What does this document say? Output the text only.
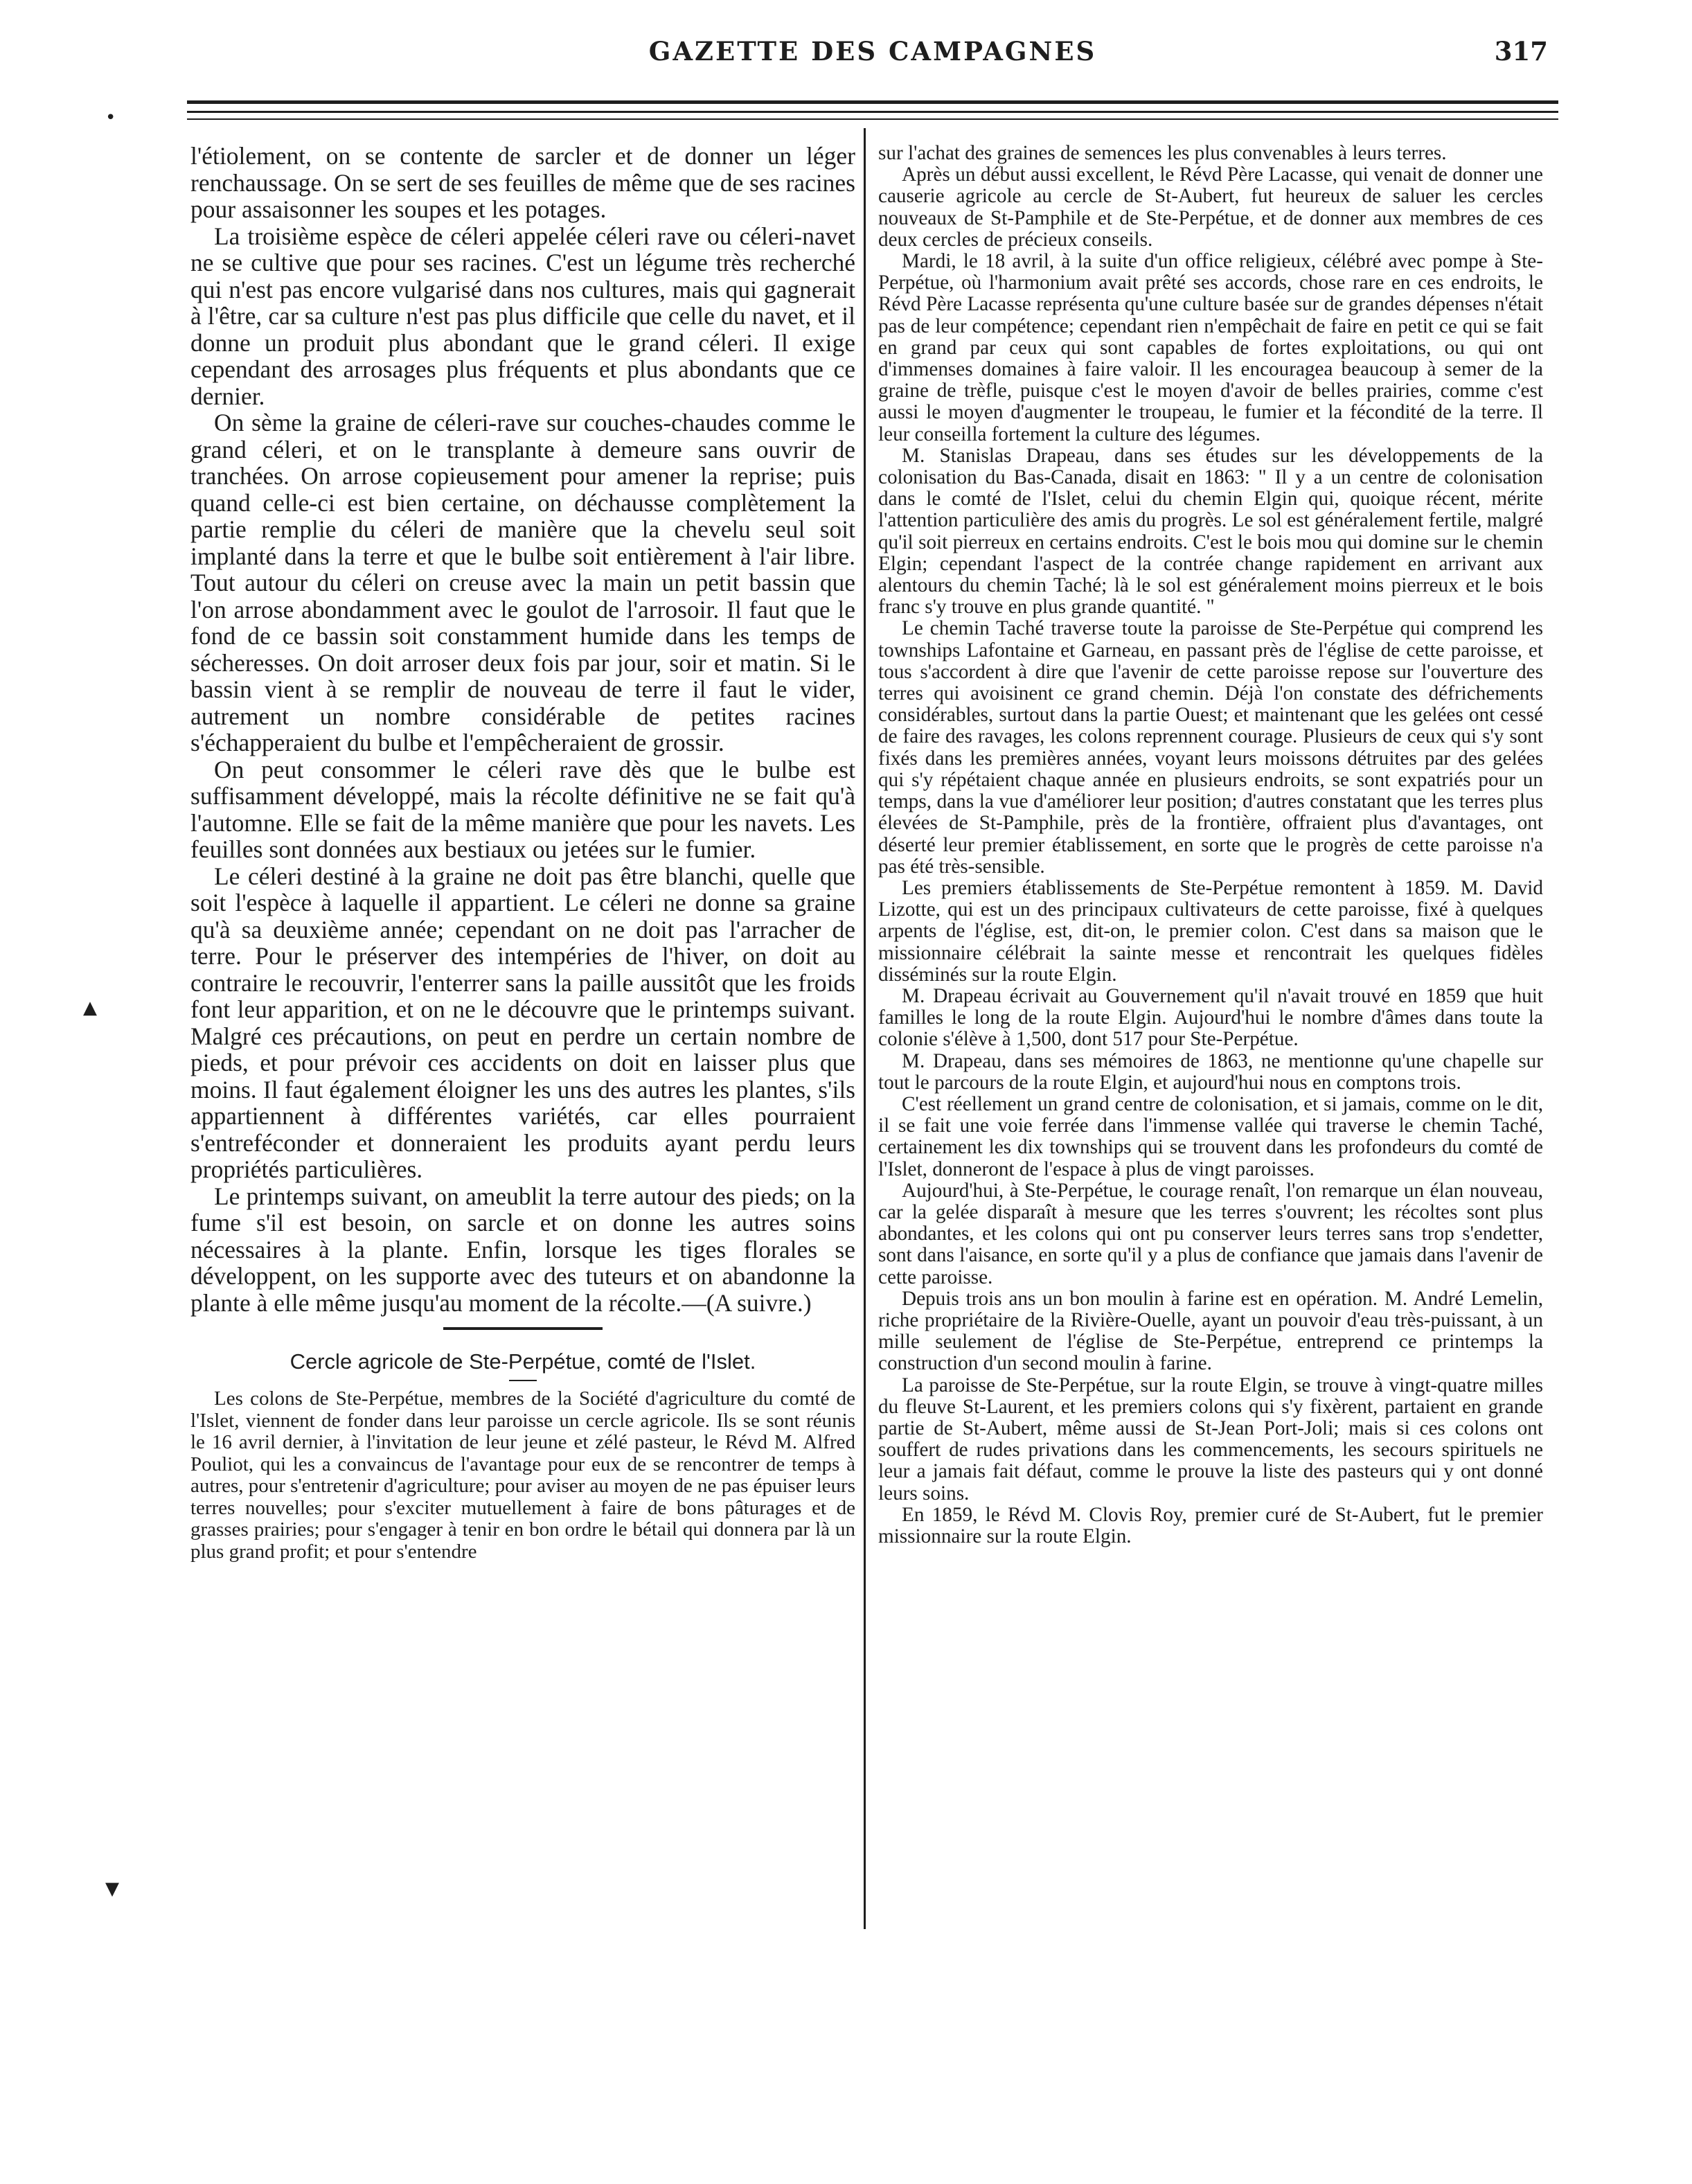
GAZETTE DES CAMPAGNES	317
•
▲
▼

l'étiolement, on se contente de sarcler et de donner un léger renchaussage. On se sert de ses feuilles de même que de ses racines pour assaisonner les soupes et les potages.

La troisième espèce de céleri appelée céleri rave ou céleri-navet ne se cultive que pour ses racines. C'est un légume très recherché qui n'est pas encore vulgarisé dans nos cultures, mais qui gagnerait à l'être, car sa culture n'est pas plus difficile que celle du navet, et il donne un produit plus abondant que le grand céleri. Il exige cependant des arrosages plus fréquents et plus abondants que ce dernier.

On sème la graine de céleri-rave sur couches-chaudes comme le grand céleri, et on le transplante à demeure sans ouvrir de tranchées. On arrose copieusement pour amener la reprise; puis quand celle-ci est bien certaine, on déchausse complètement la partie remplie du céleri de manière que la chevelu seul soit implanté dans la terre et que le bulbe soit entièrement à l'air libre. Tout autour du céleri on creuse avec la main un petit bassin que l'on arrose abondamment avec le goulot de l'arrosoir. Il faut que le fond de ce bassin soit constamment humide dans les temps de sécheresses. On doit arroser deux fois par jour, soir et matin. Si le bassin vient à se remplir de nouveau de terre il faut le vider, autrement un nombre considérable de petites racines s'échapperaient du bulbe et l'empêcheraient de grossir.

On peut consommer le céleri rave dès que le bulbe est suffisamment développé, mais la récolte définitive ne se fait qu'à l'automne. Elle se fait de la même manière que pour les navets. Les feuilles sont données aux bestiaux ou jetées sur le fumier.

Le céleri destiné à la graine ne doit pas être blanchi, quelle que soit l'espèce à laquelle il appartient. Le céleri ne donne sa graine qu'à sa deuxième année; cependant on ne doit pas l'arracher de terre. Pour le préserver des intempéries de l'hiver, on doit au contraire le recouvrir, l'enterrer sans la paille aussitôt que les froids font leur apparition, et on ne le découvre que le printemps suivant. Malgré ces précautions, on peut en perdre un certain nombre de pieds, et pour prévoir ces accidents on doit en laisser plus que moins. Il faut également éloigner les uns des autres les plantes, s'ils appartiennent à différentes variétés, car elles pourraient s'entreféconder et donneraient les produits ayant perdu leurs propriétés particulières.

Le printemps suivant, on ameublit la terre autour des pieds; on la fume s'il est besoin, on sarcle et on donne les autres soins nécessaires à la plante. Enfin, lorsque les tiges florales se développent, on les supporte avec des tuteurs et on abandonne la plante à elle même jusqu'au moment de la récolte.—(A suivre.)

Cercle agricole de Ste-Perpétue, comté de l'Islet.

Les colons de Ste-Perpétue, membres de la Société d'agriculture du comté de l'Islet, viennent de fonder dans leur paroisse un cercle agricole. Ils se sont réunis le 16 avril dernier, à l'invitation de leur jeune et zélé pasteur, le Révd M. Alfred Pouliot, qui les a convaincus de l'avantage pour eux de se rencontrer de temps à autres, pour s'entretenir d'agriculture; pour aviser au moyen de ne pas épuiser leurs terres nouvelles; pour s'exciter mutuellement à faire de bons pâturages et de grasses prairies; pour s'engager à tenir en bon ordre le bétail qui donnera par là un plus grand profit; et pour s'entendre

sur l'achat des graines de semences les plus convenables à leurs terres.

Après un début aussi excellent, le Révd Père Lacasse, qui venait de donner une causerie agricole au cercle de St-Aubert, fut heureux de saluer les cercles nouveaux de St-Pamphile et de Ste-Perpétue, et de donner aux membres de ces deux cercles de précieux conseils.

Mardi, le 18 avril, à la suite d'un office religieux, célébré avec pompe à Ste-Perpétue, où l'harmonium avait prêté ses accords, chose rare en ces endroits, le Révd Père Lacasse représenta qu'une culture basée sur de grandes dépenses n'était pas de leur compétence; cependant rien n'empêchait de faire en petit ce qui se fait en grand par ceux qui sont capables de fortes exploitations, ou qui ont d'immenses domaines à faire valoir. Il les encouragea beaucoup à semer de la graine de trèfle, puisque c'est le moyen d'avoir de belles prairies, comme c'est aussi le moyen d'augmenter le troupeau, le fumier et la fécondité de la terre. Il leur conseilla fortement la culture des légumes.

M. Stanislas Drapeau, dans ses études sur les développements de la colonisation du Bas-Canada, disait en 1863: " Il y a un centre de colonisation dans le comté de l'Islet, celui du chemin Elgin qui, quoique récent, mérite l'attention particulière des amis du progrès. Le sol est généralement fertile, malgré qu'il soit pierreux en certains endroits. C'est le bois mou qui domine sur le chemin Elgin; cependant l'aspect de la contrée change rapidement en arrivant aux alentours du chemin Taché; là le sol est généralement moins pierreux et le bois franc s'y trouve en plus grande quantité. "

Le chemin Taché traverse toute la paroisse de Ste-Perpétue qui comprend les townships Lafontaine et Garneau, en passant près de l'église de cette paroisse, et tous s'accordent à dire que l'avenir de cette paroisse repose sur l'ouverture des terres qui avoisinent ce grand chemin. Déjà l'on constate des défrichements considérables, surtout dans la partie Ouest; et maintenant que les gelées ont cessé de faire des ravages, les colons reprennent courage. Plusieurs de ceux qui s'y sont fixés dans les premières années, voyant leurs moissons détruites par des gelées qui s'y répétaient chaque année en plusieurs endroits, se sont expatriés pour un temps, dans la vue d'améliorer leur position; d'autres constatant que les terres plus élevées de St-Pamphile, près de la frontière, offraient plus d'avantages, ont déserté leur premier établissement, en sorte que le progrès de cette paroisse n'a pas été très-sensible.

Les premiers établissements de Ste-Perpétue remontent à 1859. M. David Lizotte, qui est un des principaux cultivateurs de cette paroisse, fixé à quelques arpents de l'église, est, dit-on, le premier colon. C'est dans sa maison que le missionnaire célébrait la sainte messe et rencontrait les quelques fidèles disséminés sur la route Elgin.

M. Drapeau écrivait au Gouvernement qu'il n'avait trouvé en 1859 que huit familles le long de la route Elgin. Aujourd'hui le nombre d'âmes dans toute la colonie s'élève à 1,500, dont 517 pour Ste-Perpétue.

M. Drapeau, dans ses mémoires de 1863, ne mentionne qu'une chapelle sur tout le parcours de la route Elgin, et aujourd'hui nous en comptons trois.

C'est réellement un grand centre de colonisation, et si jamais, comme on le dit, il se fait une voie ferrée dans l'immense vallée qui traverse le chemin Taché, certainement les dix townships qui se trouvent dans les profondeurs du comté de l'Islet, donneront de l'espace à plus de vingt paroisses.

Aujourd'hui, à Ste-Perpétue, le courage renaît, l'on remarque un élan nouveau, car la gelée disparaît à mesure que les terres s'ouvrent; les récoltes sont plus abondantes, et les colons qui ont pu conserver leurs terres sans trop s'endetter, sont dans l'aisance, en sorte qu'il y a plus de confiance que jamais dans l'avenir de cette paroisse.

Depuis trois ans un bon moulin à farine est en opération. M. André Lemelin, riche propriétaire de la Rivière-Ouelle, ayant un pouvoir d'eau très-puissant, à un mille seulement de l'église de Ste-Perpétue, entreprend ce printemps la construction d'un second moulin à farine.

La paroisse de Ste-Perpétue, sur la route Elgin, se trouve à vingt-quatre milles du fleuve St-Laurent, et les premiers colons qui s'y fixèrent, partaient en grande partie de St-Aubert, même aussi de St-Jean Port-Joli; mais si ces colons ont souffert de rudes privations dans les commencements, les secours spirituels ne leur a jamais fait défaut, comme le prouve la liste des pasteurs qui y ont donné leurs soins.

En 1859, le Révd M. Clovis Roy, premier curé de St-Aubert, fut le premier missionnaire sur la route Elgin.
